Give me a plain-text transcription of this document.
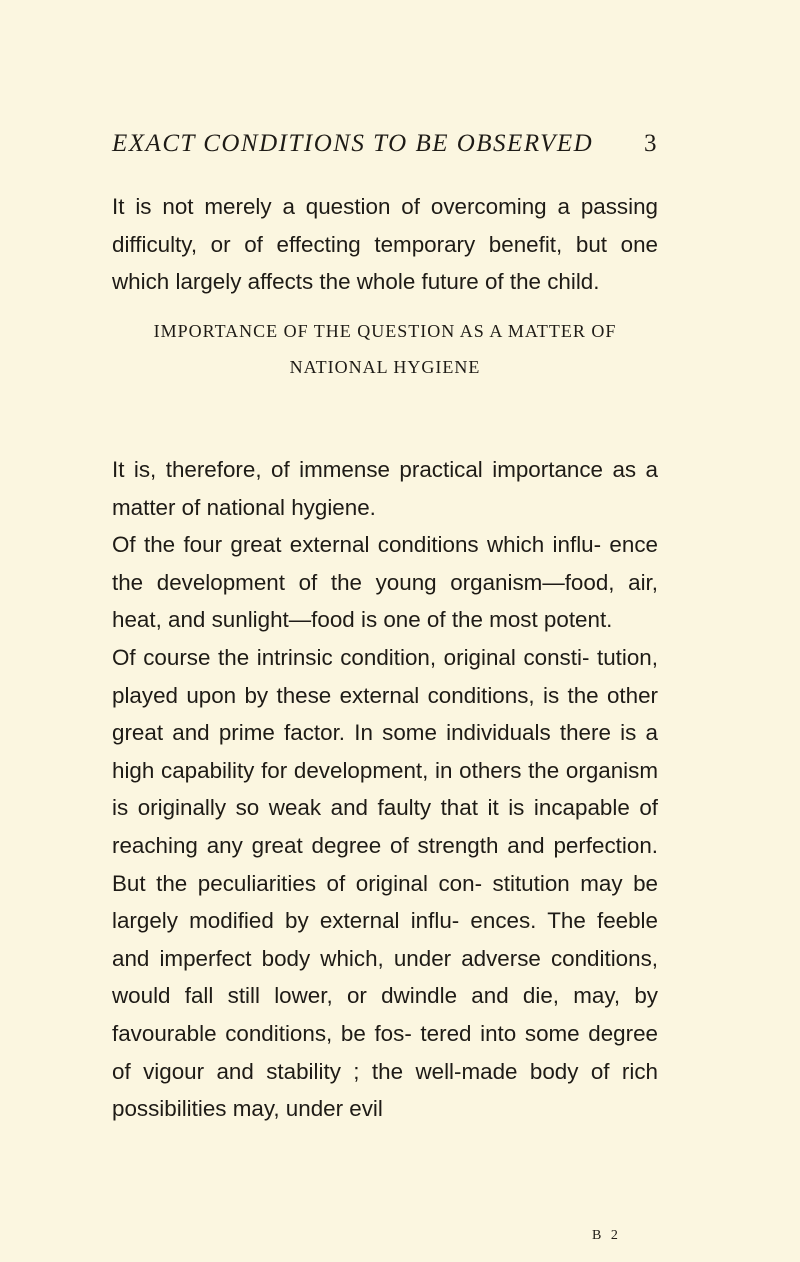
EXACT CONDITIONS TO BE OBSERVED 3

It is not merely a question of overcoming a passing difficulty, or of effecting temporary benefit, but one which largely affects the whole future of the child.

IMPORTANCE OF THE QUESTION AS A MATTER OF NATIONAL HYGIENE

It is, therefore, of immense practical importance as a matter of national hygiene.

Of the four great external conditions which influ- ence the development of the young organism—food, air, heat, and sunlight—food is one of the most potent.

Of course the intrinsic condition, original consti- tution, played upon by these external conditions, is the other great and prime factor. In some individuals there is a high capability for development, in others the organism is originally so weak and faulty that it is incapable of reaching any great degree of strength and perfection. But the peculiarities of original con- stitution may be largely modified by external influ- ences. The feeble and imperfect body which, under adverse conditions, would fall still lower, or dwindle and die, may, by favourable conditions, be fos- tered into some degree of vigour and stability ; the well-made body of rich possibilities may, under evil

B 2
